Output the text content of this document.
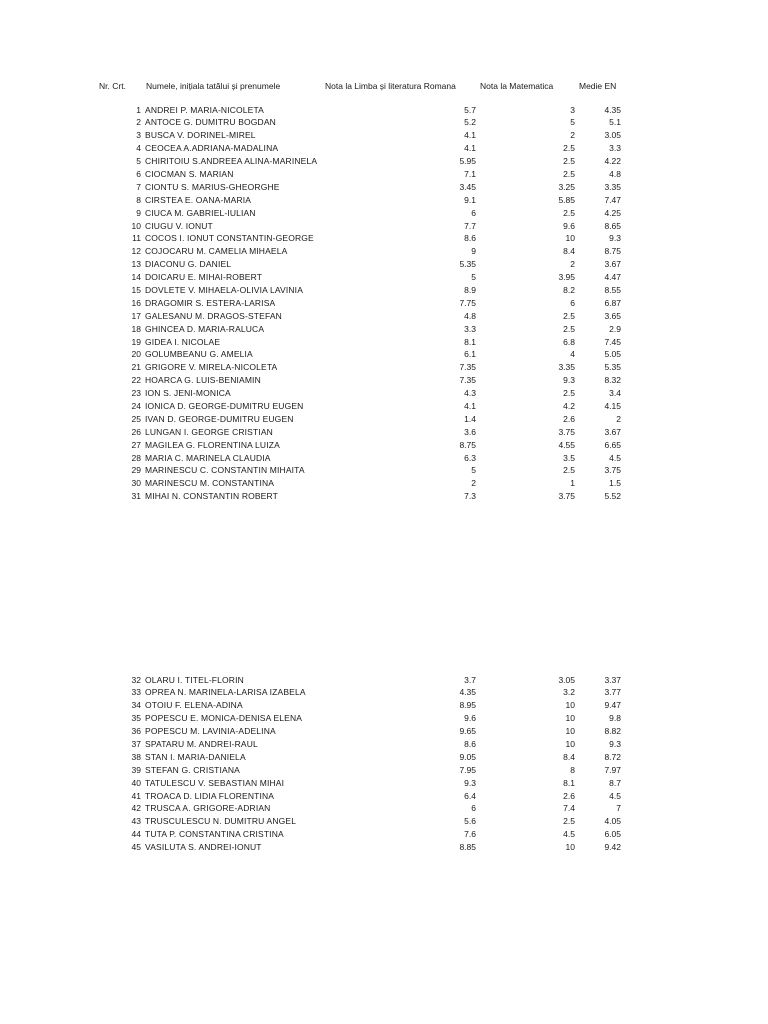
Nr. Crt. Numele, inițiala tatălui și prenumele	Nota la Limba și literatura Romana	Nota la Matematica	Medie EN
1 ANDREI P. MARIA-NICOLETA	5.7	3	4.35
2 ANTOCE G. DUMITRU BOGDAN	5.2	5	5.1
3 BUSCA V. DORINEL-MIREL	4.1	2	3.05
4 CEOCEA A.ADRIANA-MADALINA	4.1	2.5	3.3
5 CHIRITOIU S.ANDREEA ALINA-MARINELA	5.95	2.5	4.22
6 CIOCMAN S. MARIAN	7.1	2.5	4.8
7 CIONTU S. MARIUS-GHEORGHE	3.45	3.25	3.35
8 CIRSTEA E. OANA-MARIA	9.1	5.85	7.47
9 CIUCA M. GABRIEL-IULIAN	6	2.5	4.25
10 CIUGU V. IONUT	7.7	9.6	8.65
11 COCOS I. IONUT CONSTANTIN-GEORGE	8.6	10	9.3
12 COJOCARU M. CAMELIA MIHAELA	9	8.4	8.75
13 DIACONU G. DANIEL	5.35	2	3.67
14 DOICARU E. MIHAI-ROBERT	5	3.95	4.47
15 DOVLETE V. MIHAELA-OLIVIA LAVINIA	8.9	8.2	8.55
16 DRAGOMIR S. ESTERA-LARISA	7.75	6	6.87
17 GALESANU M. DRAGOS-STEFAN	4.8	2.5	3.65
18 GHINCEA D. MARIA-RALUCA	3.3	2.5	2.9
19 GIDEA I. NICOLAE	8.1	6.8	7.45
20 GOLUMBEANU G. AMELIA	6.1	4	5.05
21 GRIGORE V. MIRELA-NICOLETA	7.35	3.35	5.35
22 HOARCA G. LUIS-BENIAMIN	7.35	9.3	8.32
23 ION S. JENI-MONICA	4.3	2.5	3.4
24 IONICA D. GEORGE-DUMITRU EUGEN	4.1	4.2	4.15
25 IVAN D. GEORGE-DUMITRU EUGEN	1.4	2.6	2
26 LUNGAN I. GEORGE CRISTIAN	3.6	3.75	3.67
27 MAGILEA G. FLORENTINA LUIZA	8.75	4.55	6.65
28 MARIA C. MARINELA CLAUDIA	6.3	3.5	4.5
29 MARINESCU C. CONSTANTIN MIHAITA	5	2.5	3.75
30 MARINESCU M. CONSTANTINA	2	1	1.5
31 MIHAI N. CONSTANTIN ROBERT	7.3	3.75	5.52
32 OLARU I. TITEL-FLORIN	3.7	3.05	3.37
33 OPREA N. MARINELA-LARISA IZABELA	4.35	3.2	3.77
34 OTOIU F. ELENA-ADINA	8.95	10	9.47
35 POPESCU E. MONICA-DENISA ELENA	9.6	10	9.8
36 POPESCU M. LAVINIA-ADELINA	9.65	10	8.82
37 SPATARU M. ANDREI-RAUL	8.6	10	9.3
38 STAN I. MARIA-DANIELA	9.05	8.4	8.72
39 STEFAN G. CRISTIANA	7.95	8	7.97
40 TATULESCU V. SEBASTIAN MIHAI	9.3	8.1	8.7
41 TROACA D. LIDIA FLORENTINA	6.4	2.6	4.5
42 TRUSCA A. GRIGORE-ADRIAN	6	7.4	7
43 TRUSCULESCU N. DUMITRU ANGEL	5.6	2.5	4.05
44 TUTA P. CONSTANTINA CRISTINA	7.6	4.5	6.05
45 VASILUTA S. ANDREI-IONUT	8.85	10	9.42
